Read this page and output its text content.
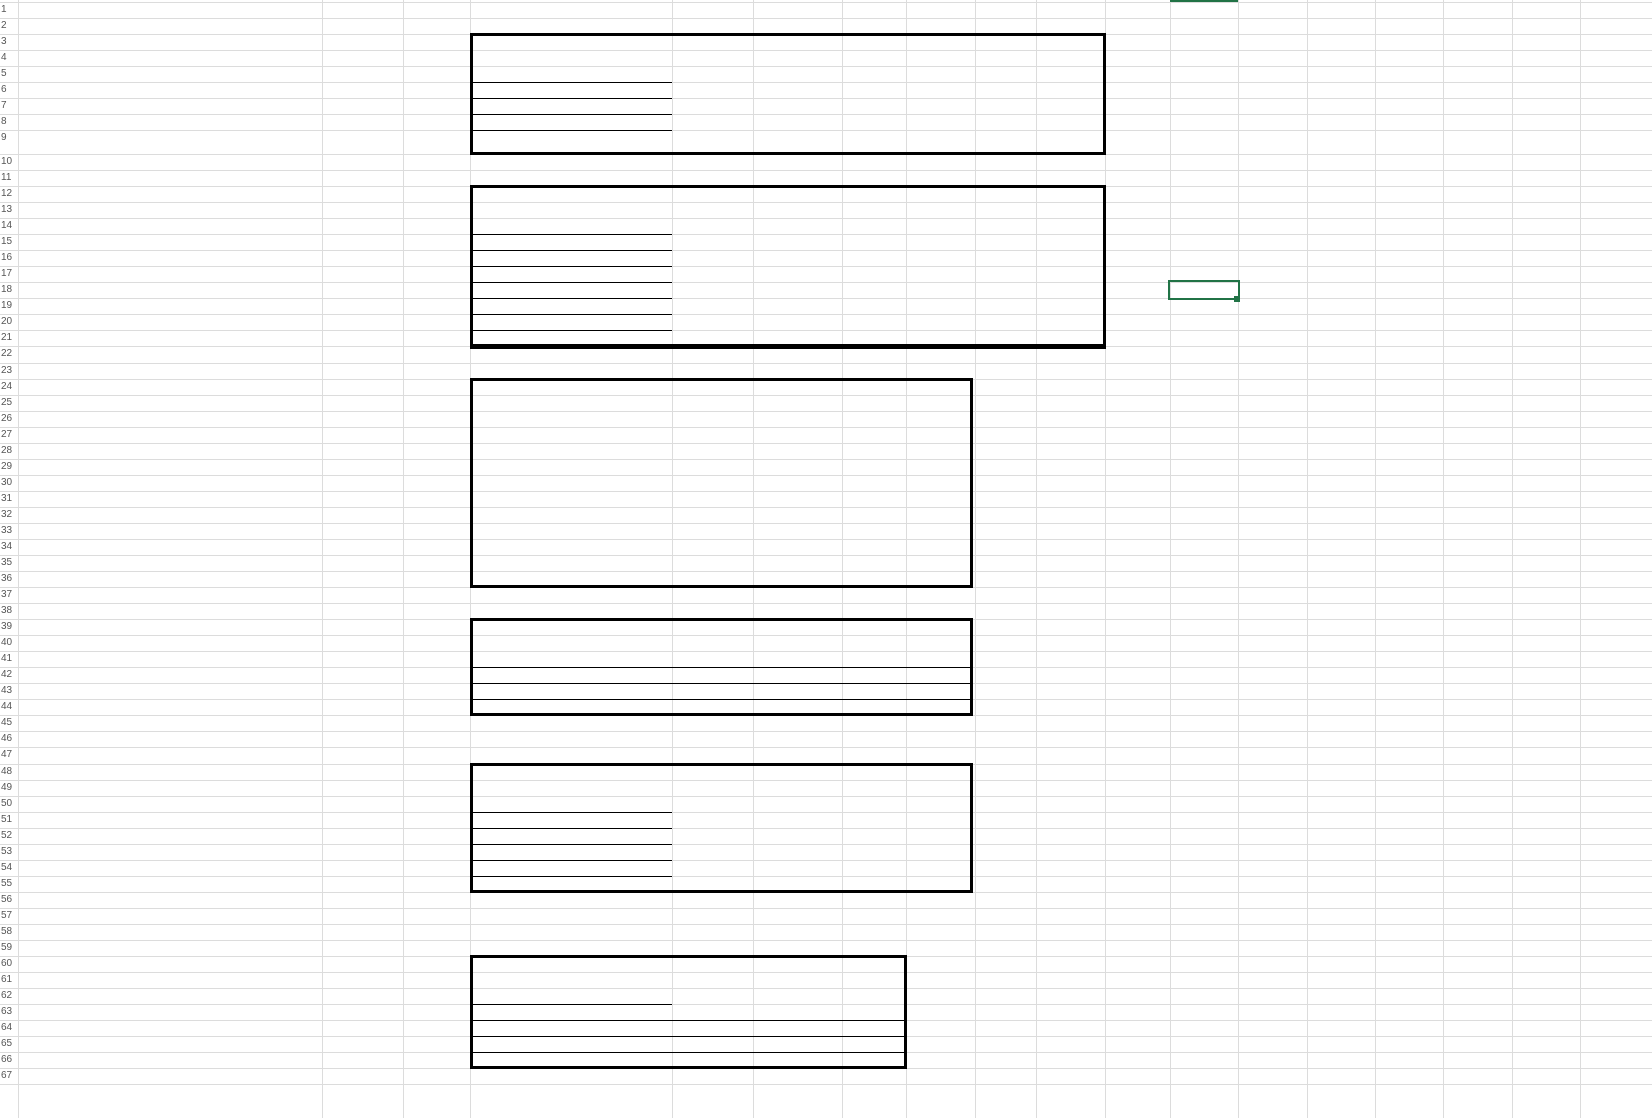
1
2
3
4
5
6
7
8
9
10
11
12
13
14
15
16
17
18
19
20
21
22
23
24
25
26
27
28
29
30
31
32
33
34
35
36
37
38
39
40
41
42
43
44
45
46
47
48
49
50
51
52
53
54
55
56
57
58
59
60
61
62
63
64
65
66
67
